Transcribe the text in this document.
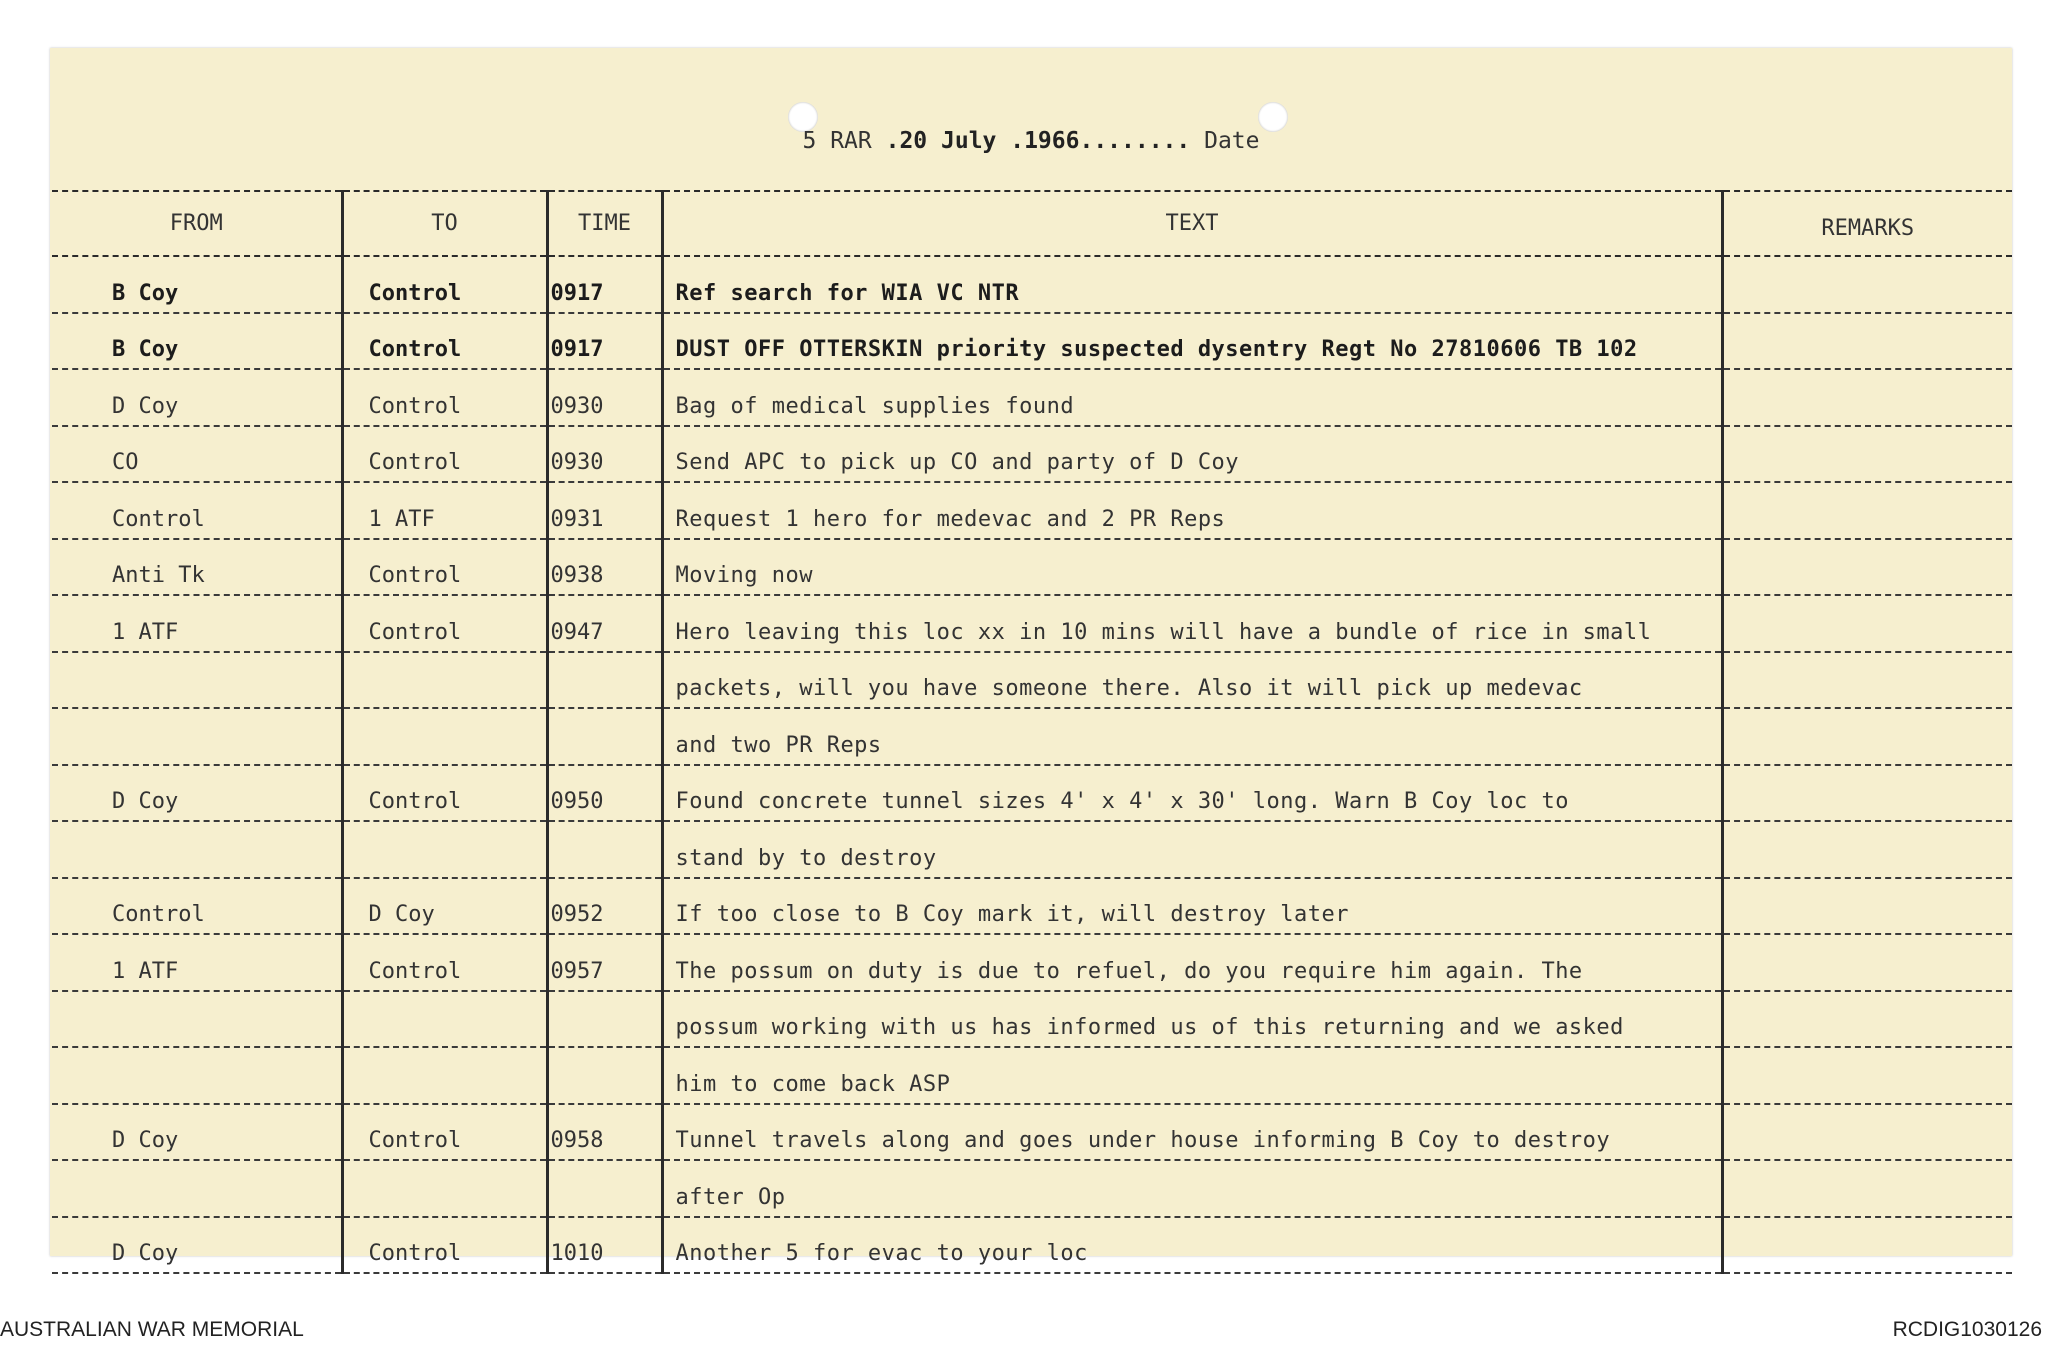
5 RAR .20 July .1966........ Date
FROM	TO	TIME	TEXT	REMARKS
B Coy	Control	0917	Ref search for WIA VC NTR	
B Coy	Control	0917	DUST OFF OTTERSKIN priority suspected dysentry Regt No 27810606 TB 102	
D Coy	Control	0930	Bag of medical supplies found	
CO	Control	0930	Send APC to pick up CO and party of D Coy	
Control	1 ATF	0931	Request 1 hero for medevac and 2 PR Reps	
Anti Tk	Control	0938	Moving now	
1 ATF	Control	0947	Hero leaving this loc xx in 10 mins will have a bundle of rice in small	
			packets, will you have someone there. Also it will pick up medevac	
			and two PR Reps	
D Coy	Control	0950	Found concrete tunnel sizes 4' x 4' x 30' long. Warn B Coy loc to	
			stand by to destroy	
Control	D Coy	0952	If too close to B Coy mark it, will destroy later	
1 ATF	Control	0957	The possum on duty is due to refuel, do you require him again. The	
			possum working with us has informed us of this returning and we asked	
			him to come back ASP	
D Coy	Control	0958	Tunnel travels along and goes under house informing B Coy to destroy	
			after Op	
D Coy	Control	1010	Another 5 for evac to your loc	
AUSTRALIAN WAR MEMORIAL	RCDIG1030126
